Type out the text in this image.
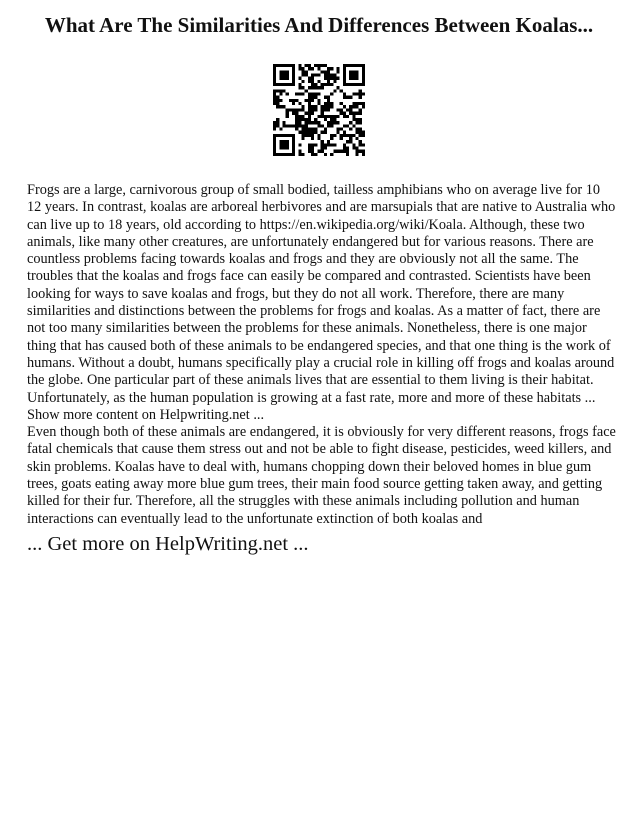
What Are The Similarities And Differences Between Koalas...

Frogs are a large, carnivorous group of small bodied, tailless amphibians who on average live for 10 12 years. In contrast, koalas are arboreal herbivores and are marsupials that are native to Australia who can live up to 18 years, old according to https://en.wikipedia.org/wiki/Koala. Although, these two animals, like many other creatures, are unfortunately endangered but for various reasons. There are countless problems facing towards koalas and frogs and they are obviously not all the same. The troubles that the koalas and frogs face can easily be compared and contrasted. Scientists have been looking for ways to save koalas and frogs, but they do not all work. Therefore, there are many similarities and distinctions between the problems for frogs and koalas. As a matter of fact, there are not too many similarities between the problems for these animals. Nonetheless, there is one major thing that has caused both of these animals to be endangered species, and that one thing is the work of humans. Without a doubt, humans specifically play a crucial role in killing off frogs and koalas around the globe. One particular part of these animals lives that are essential to them living is their habitat. Unfortunately, as the human population is growing at a fast rate, more and more of these habitats ...

Show more content on Helpwriting.net ...

Even though both of these animals are endangered, it is obviously for very different reasons, frogs face fatal chemicals that cause them stress out and not be able to fight disease, pesticides, weed killers, and skin problems. Koalas have to deal with, humans chopping down their beloved homes in blue gum trees, goats eating away more blue gum trees, their main food source getting taken away, and getting killed for their fur. Therefore, all the struggles with these animals including pollution and human interactions can eventually lead to the unfortunate extinction of both koalas and

... Get more on HelpWriting.net ...
